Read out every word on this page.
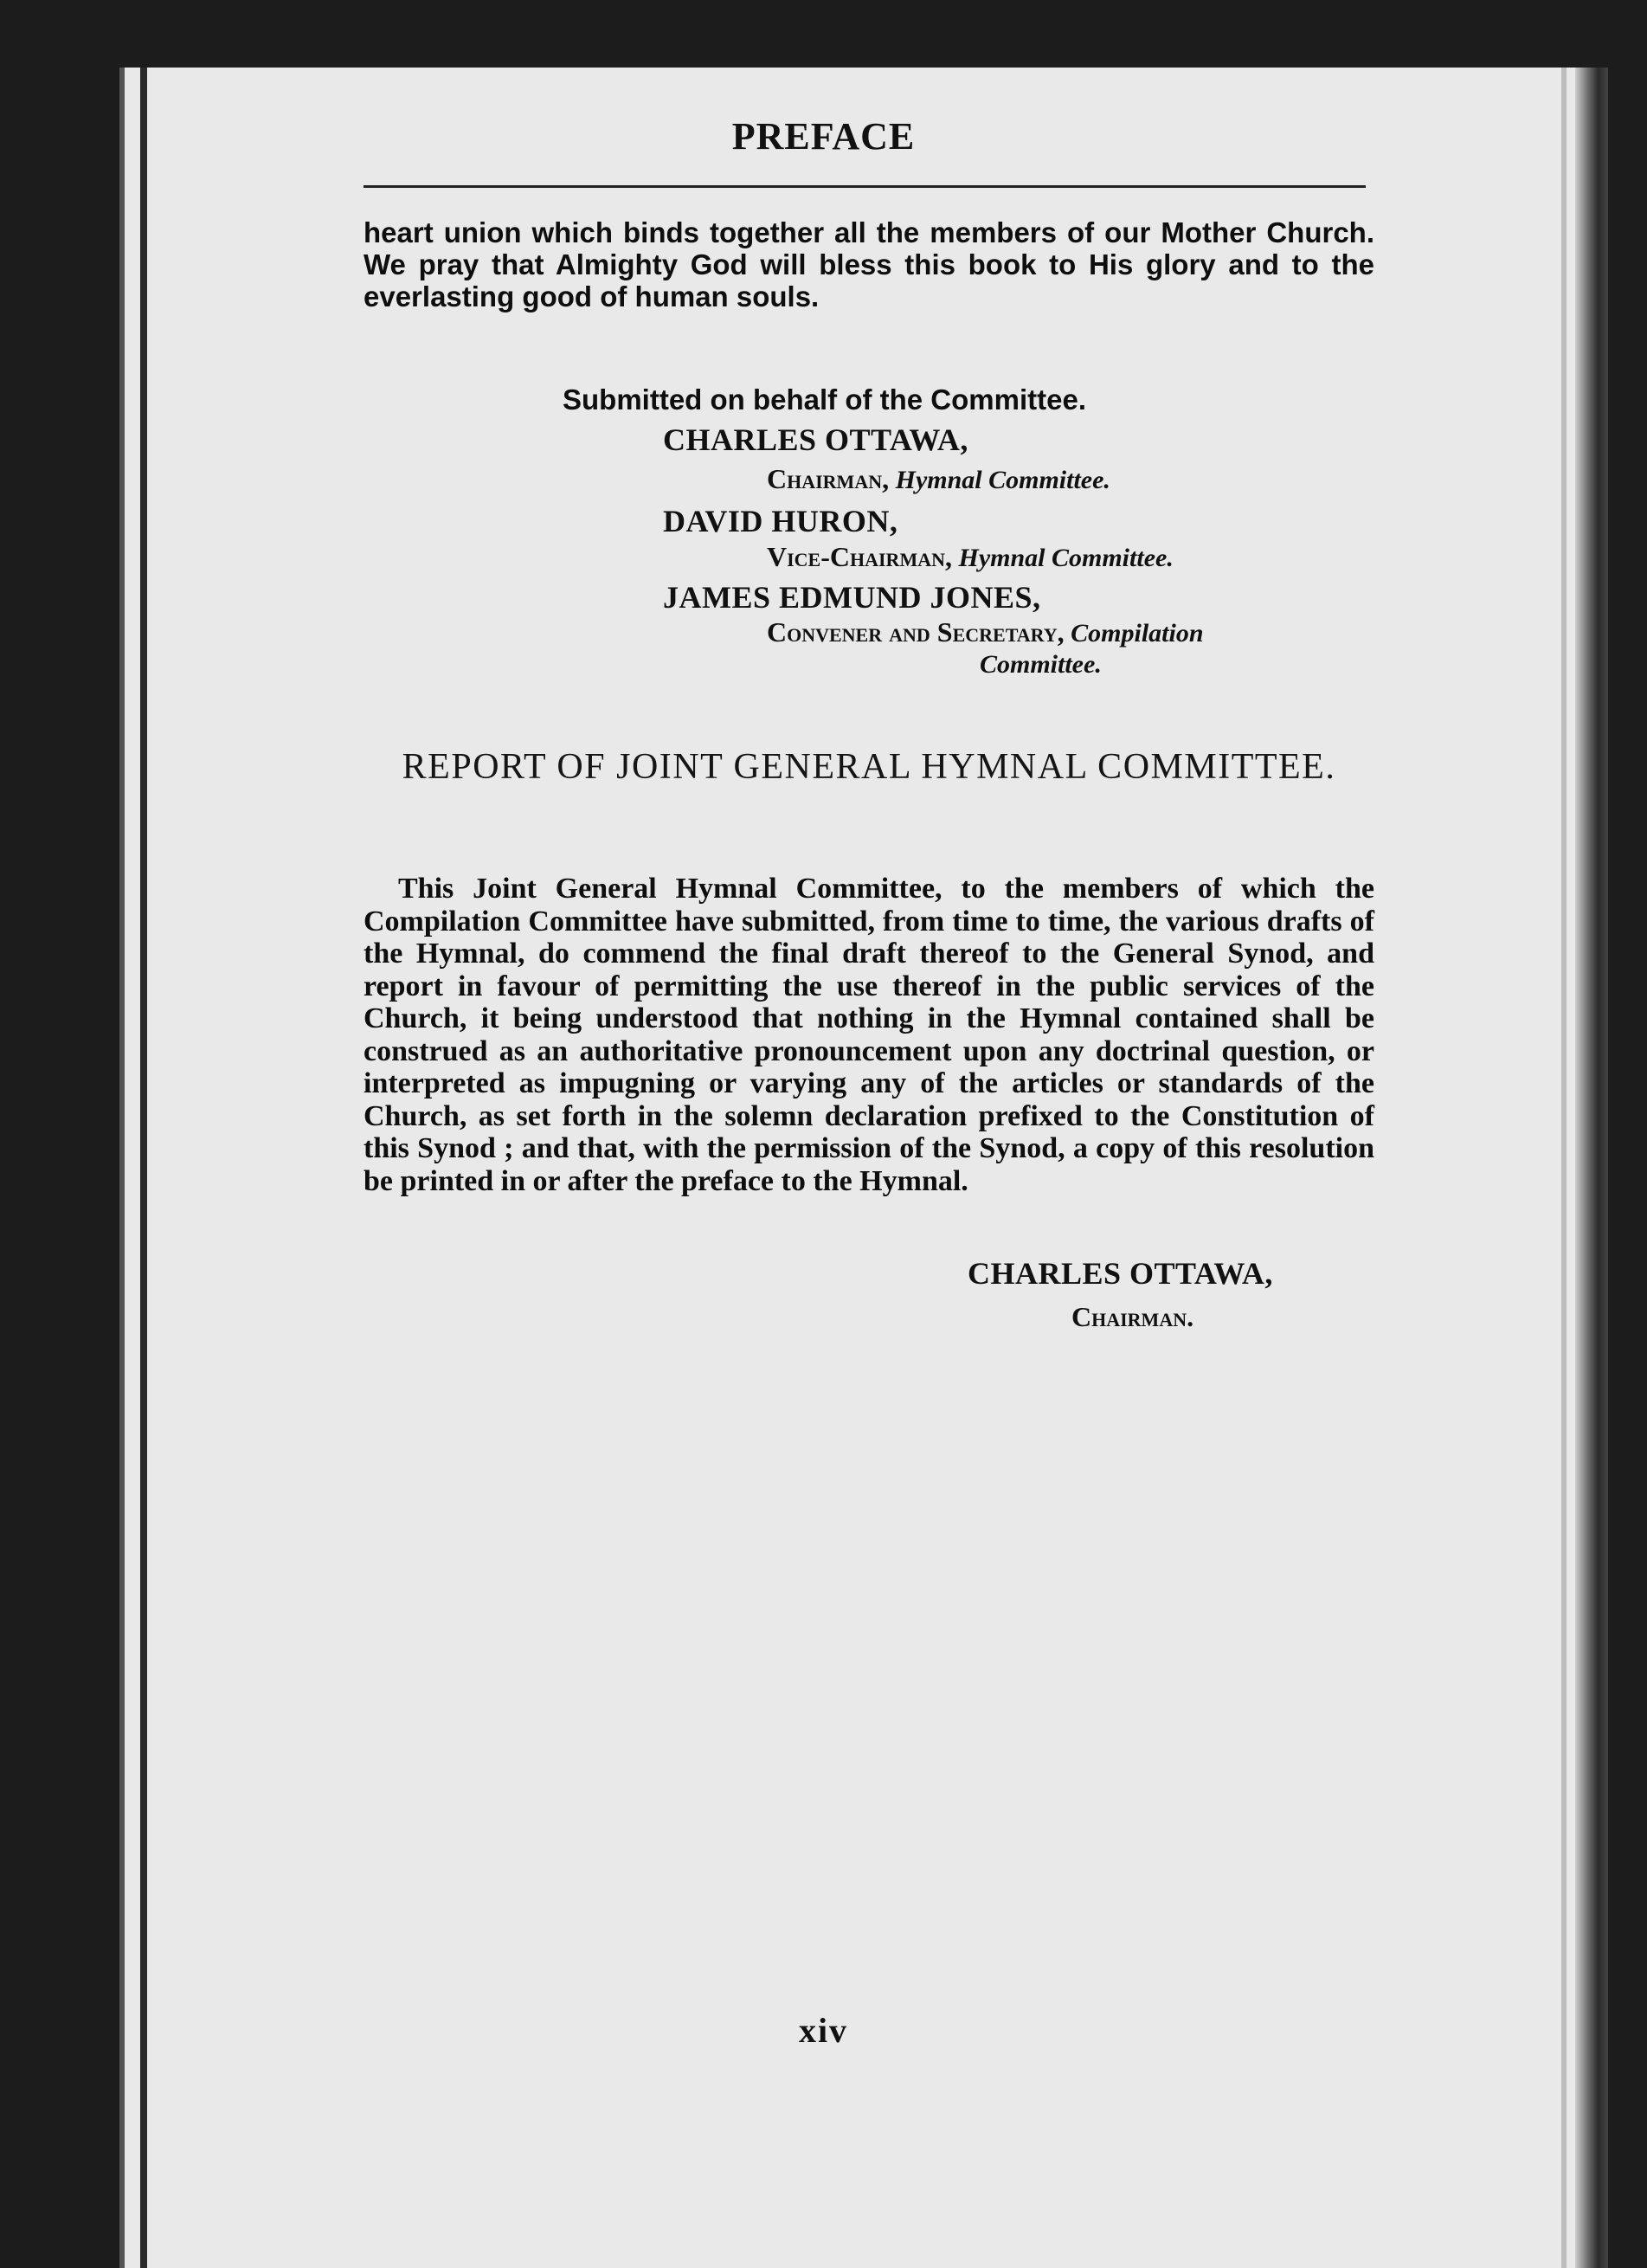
PREFACE
heart union which binds together all the members of our Mother Church. We pray that Almighty God will bless this book to His glory and to the everlasting good of human souls.
Submitted on behalf of the Committee.
CHARLES OTTAWA,
Chairman, Hymnal Committee.
DAVID HURON,
Vice-Chairman, Hymnal Committee.
JAMES EDMUND JONES,
Convener and Secretary, Compilation
Committee.
REPORT OF JOINT GENERAL HYMNAL COMMITTEE.
This Joint General Hymnal Committee, to the members of which the Compilation Committee have submitted, from time to time, the various drafts of the Hymnal, do commend the final draft thereof to the General Synod, and report in favour of permitting the use thereof in the public services of the Church, it being understood that nothing in the Hymnal contained shall be construed as an authoritative pronouncement upon any doctrinal question, or interpreted as impugning or varying any of the articles or standards of the Church, as set forth in the solemn declaration prefixed to the Constitution of this Synod ; and that, with the permission of the Synod, a copy of this resolution be printed in or after the preface to the Hymnal.
CHARLES OTTAWA,
Chairman.
xiv
